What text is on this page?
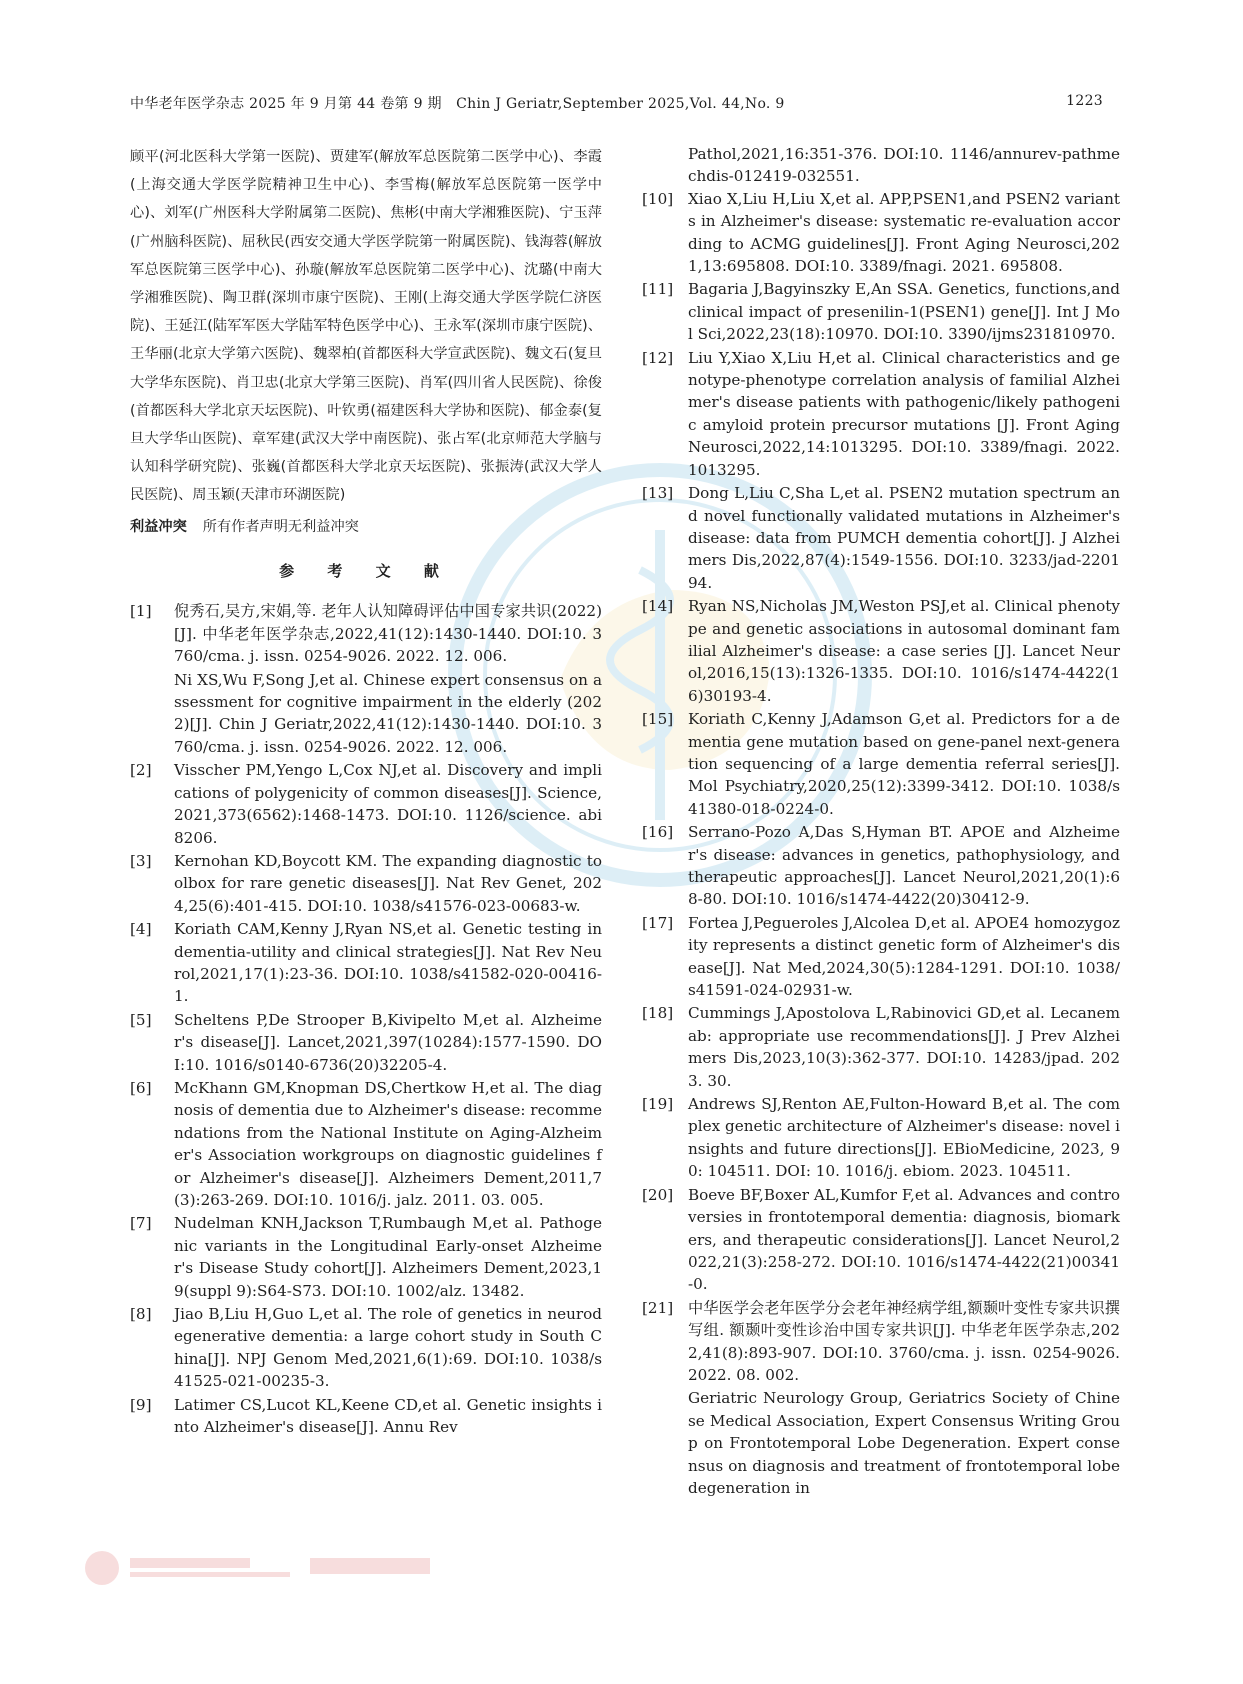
中华老年医学杂志 2025 年 9 月第 44 卷第 9 期　Chin J Geriatr,September 2025,Vol. 44,No. 9	1223
顾平(河北医科大学第一医院)、贾建军(解放军总医院第二医学中心)、李霞(上海交通大学医学院精神卫生中心)、李雪梅(解放军总医院第一医学中心)、刘军(广州医科大学附属第二医院)、焦彬(中南大学湘雅医院)、宁玉萍(广州脑科医院)、屈秋民(西安交通大学医学院第一附属医院)、钱海蓉(解放军总医院第三医学中心)、孙璇(解放军总医院第二医学中心)、沈璐(中南大学湘雅医院)、陶卫群(深圳市康宁医院)、王刚(上海交通大学医学院仁济医院)、王延江(陆军军医大学陆军特色医学中心)、王永军(深圳市康宁医院)、王华丽(北京大学第六医院)、魏翠柏(首都医科大学宣武医院)、魏文石(复旦大学华东医院)、肖卫忠(北京大学第三医院)、肖军(四川省人民医院)、徐俊(首都医科大学北京天坛医院)、叶钦勇(福建医科大学协和医院)、郁金泰(复旦大学华山医院)、章军建(武汉大学中南医院)、张占军(北京师范大学脑与认知科学研究院)、张巍(首都医科大学北京天坛医院)、张振涛(武汉大学人民医院)、周玉颖(天津市环湖医院)
利益冲突 所有作者声明无利益冲突
参 考 文 献
[1]	倪秀石,吴方,宋娟,等. 老年人认知障碍评估中国专家共识(2022)[J]. 中华老年医学杂志,2022,41(12):1430-1440. DOI:10. 3760/cma. j. issn. 0254-9026. 2022. 12. 006.
Ni XS,Wu F,Song J,et al. Chinese expert consensus on assessment for cognitive impairment in the elderly (2022)[J]. Chin J Geriatr,2022,41(12):1430-1440. DOI:10. 3760/cma. j. issn. 0254-9026. 2022. 12. 006.
[2]	Visscher PM,Yengo L,Cox NJ,et al. Discovery and implications of polygenicity of common diseases[J]. Science,2021,373(6562):1468-1473. DOI:10. 1126/science. abi8206.
[3]	Kernohan KD,Boycott KM. The expanding diagnostic toolbox for rare genetic diseases[J]. Nat Rev Genet, 2024,25(6):401-415. DOI:10. 1038/s41576-023-00683-w.
[4]	Koriath CAM,Kenny J,Ryan NS,et al. Genetic testing in dementia-utility and clinical strategies[J]. Nat Rev Neurol,2021,17(1):23-36. DOI:10. 1038/s41582-020-00416-1.
[5]	Scheltens P,De Strooper B,Kivipelto M,et al. Alzheimer's disease[J]. Lancet,2021,397(10284):1577-1590. DOI:10. 1016/s0140-6736(20)32205-4.
[6]	McKhann GM,Knopman DS,Chertkow H,et al. The diagnosis of dementia due to Alzheimer's disease: recommendations from the National Institute on Aging-Alzheimer's Association workgroups on diagnostic guidelines for Alzheimer's disease[J]. Alzheimers Dement,2011,7(3):263-269. DOI:10. 1016/j. jalz. 2011. 03. 005.
[7]	Nudelman KNH,Jackson T,Rumbaugh M,et al. Pathogenic variants in the Longitudinal Early-onset Alzheimer's Disease Study cohort[J]. Alzheimers Dement,2023,19(suppl 9):S64-S73. DOI:10. 1002/alz. 13482.
[8]	Jiao B,Liu H,Guo L,et al. The role of genetics in neurodegenerative dementia: a large cohort study in South China[J]. NPJ Genom Med,2021,6(1):69. DOI:10. 1038/s41525-021-00235-3.
[9]	Latimer CS,Lucot KL,Keene CD,et al. Genetic insights into Alzheimer's disease[J]. Annu Rev
Pathol,2021,16:351-376. DOI:10. 1146/annurev-pathmechdis-012419-032551.
[10] Xiao X,Liu H,Liu X,et al. APP,PSEN1,and PSEN2 variants in Alzheimer's disease: systematic re-evaluation according to ACMG guidelines[J]. Front Aging Neurosci,2021,13:695808. DOI:10. 3389/fnagi. 2021. 695808.
[11] Bagaria J,Bagyinszky E,An SSA. Genetics, functions,and clinical impact of presenilin-1(PSEN1) gene[J]. Int J Mol Sci,2022,23(18):10970. DOI:10. 3390/ijms231810970.
[12] Liu Y,Xiao X,Liu H,et al. Clinical characteristics and genotype-phenotype correlation analysis of familial Alzheimer's disease patients with pathogenic/likely pathogenic amyloid protein precursor mutations [J]. Front Aging Neurosci,2022,14:1013295. DOI:10. 3389/fnagi. 2022. 1013295.
[13] Dong L,Liu C,Sha L,et al. PSEN2 mutation spectrum and novel functionally validated mutations in Alzheimer's disease: data from PUMCH dementia cohort[J]. J Alzheimers Dis,2022,87(4):1549-1556. DOI:10. 3233/jad-220194.
[14] Ryan NS,Nicholas JM,Weston PSJ,et al. Clinical phenotype and genetic associations in autosomal dominant familial Alzheimer's disease: a case series [J]. Lancet Neurol,2016,15(13):1326-1335. DOI:10. 1016/s1474-4422(16)30193-4.
[15] Koriath C,Kenny J,Adamson G,et al. Predictors for a dementia gene mutation based on gene-panel next-generation sequencing of a large dementia referral series[J]. Mol Psychiatry,2020,25(12):3399-3412. DOI:10. 1038/s41380-018-0224-0.
[16] Serrano-Pozo A,Das S,Hyman BT. APOE and Alzheimer's disease: advances in genetics, pathophysiology, and therapeutic approaches[J]. Lancet Neurol,2021,20(1):68-80. DOI:10. 1016/s1474-4422(20)30412-9.
[17] Fortea J,Pegueroles J,Alcolea D,et al. APOE4 homozygozity represents a distinct genetic form of Alzheimer's disease[J]. Nat Med,2024,30(5):1284-1291. DOI:10. 1038/s41591-024-02931-w.
[18] Cummings J,Apostolova L,Rabinovici GD,et al. Lecanemab: appropriate use recommendations[J]. J Prev Alzheimers Dis,2023,10(3):362-377. DOI:10. 14283/jpad. 2023. 30.
[19] Andrews SJ,Renton AE,Fulton-Howard B,et al. The complex genetic architecture of Alzheimer's disease: novel insights and future directions[J]. EBioMedicine, 2023, 90: 104511. DOI: 10. 1016/j. ebiom. 2023. 104511.
[20] Boeve BF,Boxer AL,Kumfor F,et al. Advances and controversies in frontotemporal dementia: diagnosis, biomarkers, and therapeutic considerations[J]. Lancet Neurol,2022,21(3):258-272. DOI:10. 1016/s1474-4422(21)00341-0.
[21] 中华医学会老年医学分会老年神经病学组,额颞叶变性专家共识撰写组. 额颞叶变性诊治中国专家共识[J]. 中华老年医学杂志,2022,41(8):893-907. DOI:10. 3760/cma. j. issn. 0254-9026. 2022. 08. 002.
Geriatric Neurology Group, Geriatrics Society of Chinese Medical Association, Expert Consensus Writing Group on Frontotemporal Lobe Degeneration. Expert consensus on diagnosis and treatment of frontotemporal lobe degeneration in
